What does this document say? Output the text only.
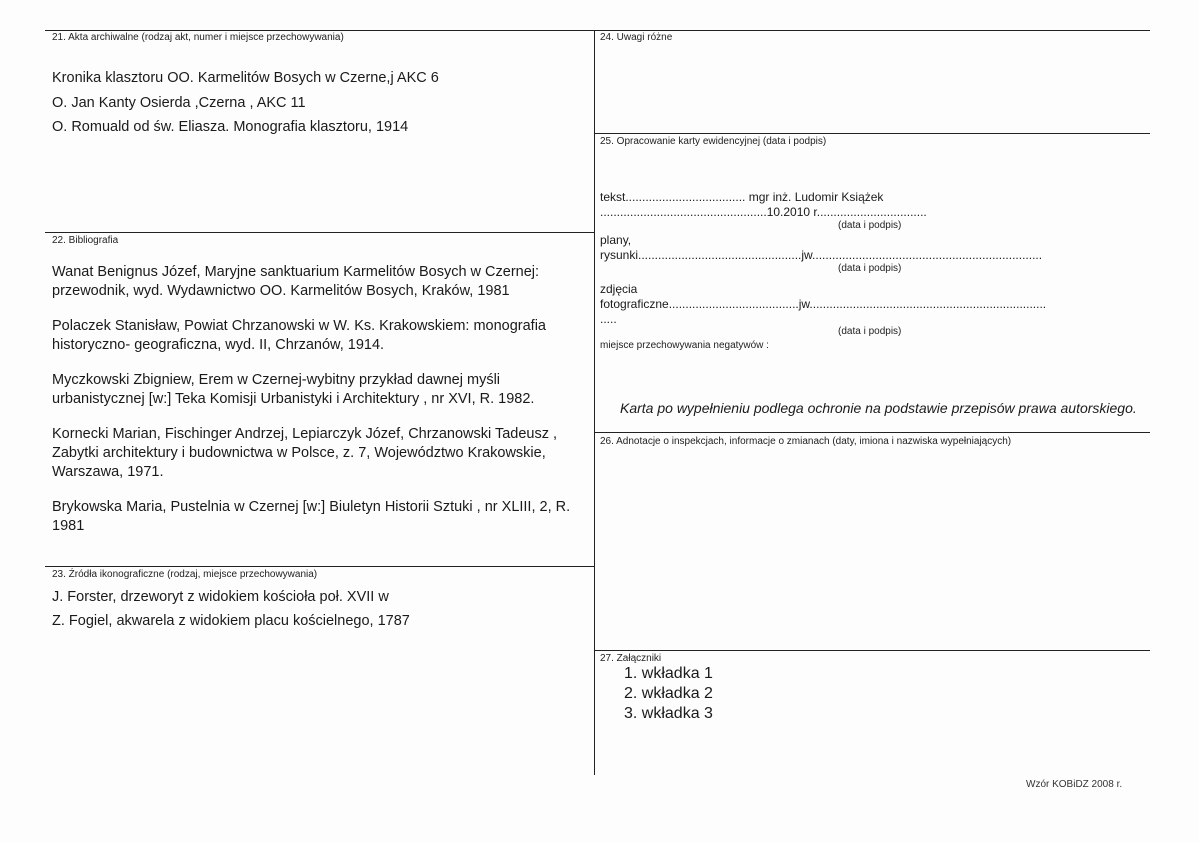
21. Akta archiwalne (rodzaj akt, numer i miejsce przechowywania)
Kronika klasztoru OO. Karmelitów Bosych w Czerne,j AKC 6
O. Jan Kanty Osierda ,Czerna , AKC 11
O. Romuald od św. Eliasza. Monografia klasztoru, 1914
22. Bibliografia

Wanat Benignus Józef, Maryjne sanktuarium Karmelitów Bosych w Czernej: przewodnik, wyd. Wydawnictwo OO. Karmelitów Bosych, Kraków, 1981

Polaczek Stanisław, Powiat Chrzanowski w W. Ks. Krakowskiem: monografia historyczno- geograficzna, wyd. II, Chrzanów, 1914.

Myczkowski Zbigniew, Erem w Czernej-wybitny przykład dawnej myśli urbanistycznej [w:] Teka Komisji Urbanistyki i Architektury , nr XVI, R. 1982.

Kornecki Marian, Fischinger Andrzej, Lepiarczyk Józef, Chrzanowski Tadeusz , Zabytki architektury i budownictwa w Polsce, z. 7, Województwo Krakowskie, Warszawa, 1971.

Brykowska Maria, Pustelnia w Czernej [w:] Biuletyn Historii Sztuki , nr XLIII, 2, R. 1981

23. Źródła ikonograficzne (rodzaj, miejsce przechowywania)
J. Forster, drzeworyt z widokiem kościoła poł. XVII w
Z. Fogiel, akwarela z widokiem placu kościelnego, 1787
24. Uwagi różne
25. Opracowanie karty ewidencyjnej (data i podpis)
tekst.................................... mgr inż. Ludomir Książek
..................................................10.2010 r.................................
(data i podpis)
plany,
rysunki.................................................jw.....................................................................
(data i podpis)
zdjęcia
fotograficzne.......................................jw.......................................................................
.....
(data i podpis)
miejsce przechowywania negatywów :
Karta po wypełnieniu podlega ochronie na podstawie przepisów prawa autorskiego.
26. Adnotacje o inspekcjach, informacje o zmianach (daty, imiona i nazwiska wypełniających)
27. Załączniki
1. wkładka 1
2. wkładka 2
3. wkładka 3
Wzór KOBiDZ 2008 r.
